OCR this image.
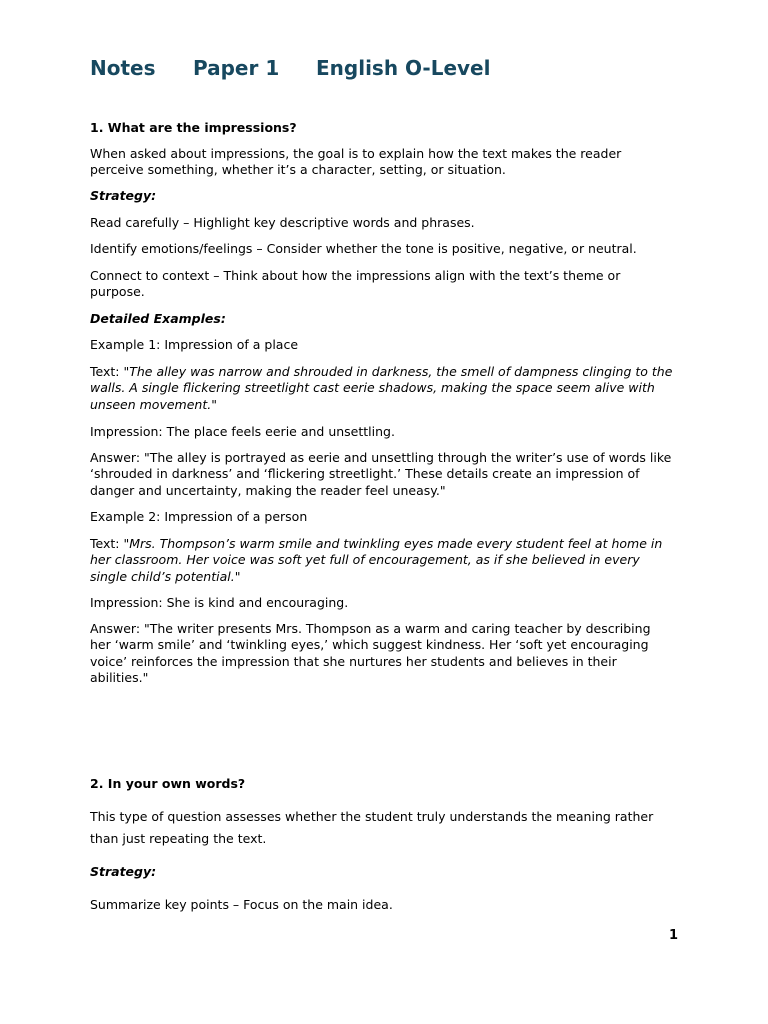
Notes Paper 1 English O-Level

1. What are the impressions?

When asked about impressions, the goal is to explain how the text makes the reader perceive something, whether it’s a character, setting, or situation.

Strategy:

Read carefully – Highlight key descriptive words and phrases.

Identify emotions/feelings – Consider whether the tone is positive, negative, or neutral.

Connect to context – Think about how the impressions align with the text’s theme or purpose.

Detailed Examples:

Example 1: Impression of a place

Text: "The alley was narrow and shrouded in darkness, the smell of dampness clinging to the walls. A single flickering streetlight cast eerie shadows, making the space seem alive with unseen movement."

Impression: The place feels eerie and unsettling.

Answer: "The alley is portrayed as eerie and unsettling through the writer’s use of words like ‘shrouded in darkness’ and ‘flickering streetlight.’ These details create an impression of danger and uncertainty, making the reader feel uneasy."

Example 2: Impression of a person

Text: "Mrs. Thompson’s warm smile and twinkling eyes made every student feel at home in her classroom. Her voice was soft yet full of encouragement, as if she believed in every single child’s potential."

Impression: She is kind and encouraging.

Answer: "The writer presents Mrs. Thompson as a warm and caring teacher by describing her ‘warm smile’ and ‘twinkling eyes,’ which suggest kindness. Her ‘soft yet encouraging voice’ reinforces the impression that she nurtures her students and believes in their abilities."

2. In your own words?

This type of question assesses whether the student truly understands the meaning rather than just repeating the text.

Strategy:

Summarize key points – Focus on the main idea.

1
